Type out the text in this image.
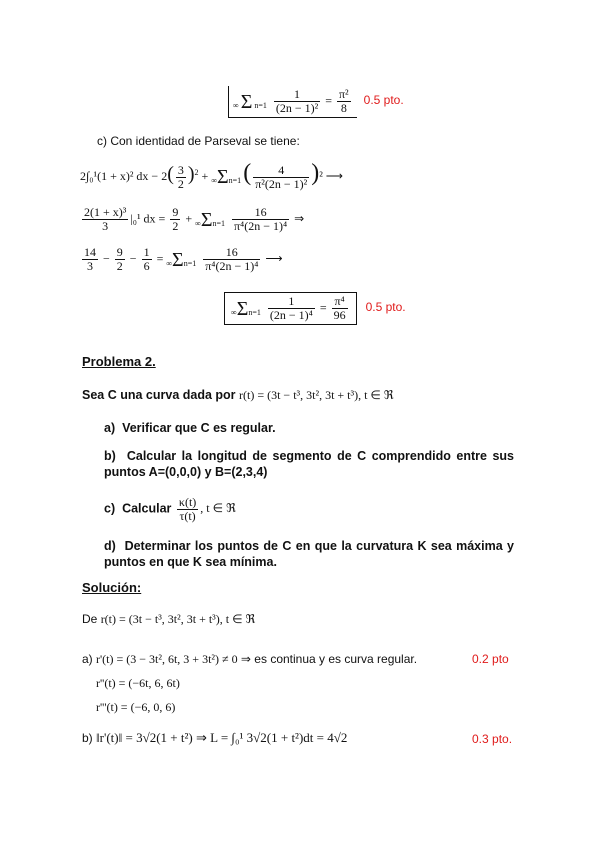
∞ Σ $n=1 \frac{1}{\text{(2n − 1)²}} = \frac{\text{π²}}{8} 0.5$ pto.
c) Con identidad de Parseval se tiene:
2∫₀¹(1 + x)² dx − $2( \frac{3}{2} )^2 + \infty\Sigma n=1( \frac{4}{\text{π²(2n − 1)²}} )^2$ ⟶
$\frac{\text{2(1 + x)³}}{3} |_0^1$ dx = $\frac{9}{2} + \infty\Sigma n=1 \frac{16}{\text{π⁴(2n − 1)⁴}}$ ⇒
$\frac{14}{3} - \frac{9}{2} - \frac{1}{6} = \infty\Sigma n=1 \frac{16}{\text{π⁴(2n − 1)⁴}}$ ⟶
$\infty\Sigma n=1 \frac{1}{\text{(2n − 1)⁴}} = \frac{\text{π⁴}}{96} 0.5$ pto.
Problema 2.
Sea C una curva dada por r(t) = (3t − t³, 3t², 3t + t³), t ∈ ℜ
a) Verificar que C es regular.
b) Calcular la longitud de segmento de C comprendido entre sus puntos A=(0,0,0) y B=(2,3,4)
c) Calcular $\frac{\kappa(t)}{\tau(t)}$ , t ∈ ℜ
d) Determinar los puntos de C en que la curvatura K sea máxima y puntos en que K sea mínima.
Solución:
De r(t) = (3t − t³, 3t², 3t + t³), t ∈ ℜ
a) r'(t) = (3 − 3t², 6t, 3 + 3t²) ≠ 0 ⇒ es continua y es curva regular.	0.2 pto
r''(t) = (−6t, 6, 6t)
r'''(t) = (−6, 0, 6)
b) ‖r'(t)‖ = 3√2(1 + t²) ⇒ L = ∫₀¹ 3√2(1 + t²)dt = 4√2	0.3 pto.
